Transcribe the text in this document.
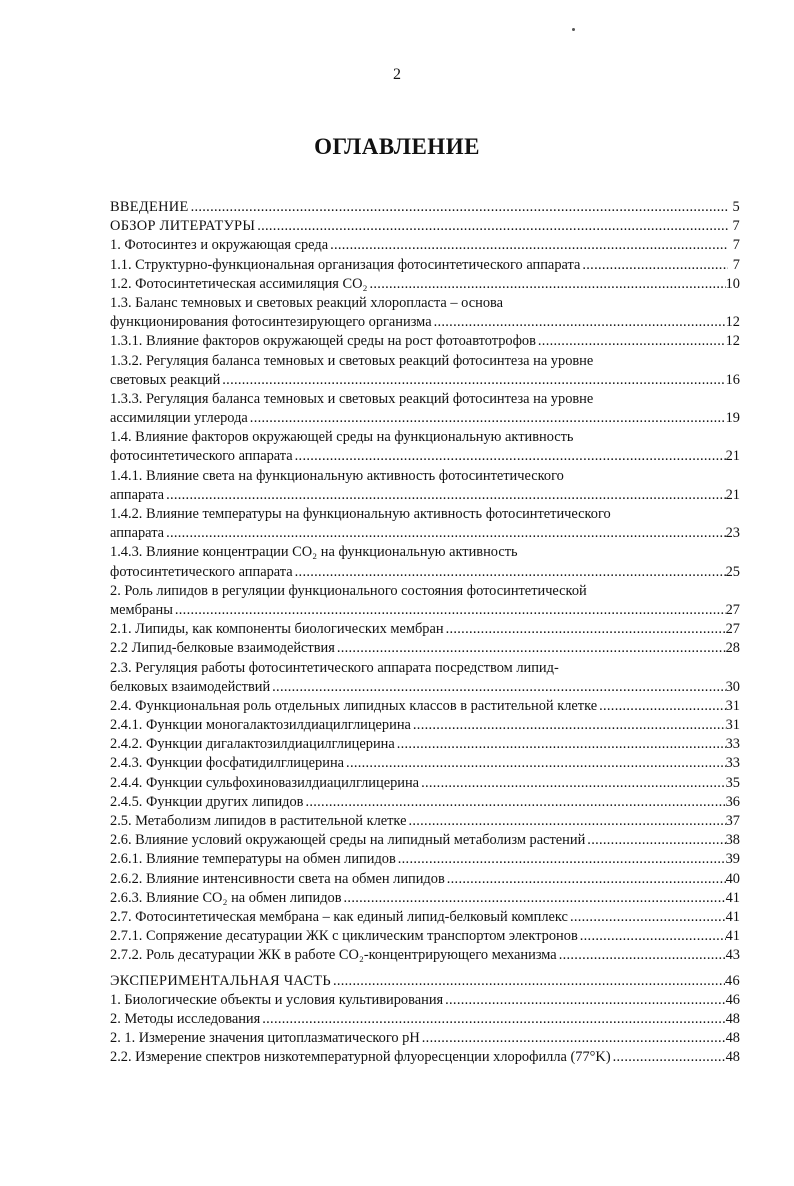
2
ОГЛАВЛЕНИЕ
ВВЕДЕНИЕ .....	5
ОБЗОР ЛИТЕРАТУРЫ .....	7
1. Фотосинтез и окружающая среда .....	7
1.1. Структурно-функциональная организация фотосинтетического аппарата .....	7
1.2. Фотосинтетическая ассимиляция CO₂ .....	10
1.3. Баланс темновых и световых реакций хлоропласта – основа
функционирования фотосинтезирующего организма .....	12
1.3.1. Влияние факторов окружающей среды на рост фотоавтотрофов .....	12
1.3.2. Регуляция баланса темновых и световых реакций фотосинтеза на уровне
световых реакций .....	16
1.3.3. Регуляция баланса темновых и световых реакций фотосинтеза на уровне
ассимиляции углерода .....	19
1.4. Влияние факторов окружающей среды на функциональную активность
фотосинтетического аппарата .....	21
1.4.1. Влияние света на функциональную активность фотосинтетического
аппарата .....	21
1.4.2. Влияние температуры на функциональную активность фотосинтетического
аппарата .....	23
1.4.3. Влияние концентрации CO₂ на функциональную активность
фотосинтетического аппарата .....	25
2. Роль липидов в регуляции функционального состояния фотосинтетической
мембраны .....	27
2.1. Липиды, как компоненты биологических мембран .....	27
2.2 Липид-белковые взаимодействия .....	28
2.3. Регуляция работы фотосинтетического аппарата посредством липид-
белковых взаимодействий .....	30
2.4. Функциональная роль отдельных липидных классов в растительной клетке .....	31
2.4.1. Функции моногалактозилдиацилглицерина .....	31
2.4.2. Функции дигалактозилдиацилглицерина .....	33
2.4.3. Функции фосфатидилглицерина .....	33
2.4.4. Функции сульфохиновазилдиацилглицерина .....	35
2.4.5. Функции других липидов .....	36
2.5. Метаболизм липидов в растительной клетке .....	37
2.6. Влияние условий окружающей среды на липидный метаболизм растений .....	38
2.6.1. Влияние температуры на обмен липидов .....	39
2.6.2. Влияние интенсивности света на обмен липидов .....	40
2.6.3. Влияние CO₂ на обмен липидов .....	41
2.7. Фотосинтетическая мембрана – как единый липид-белковый комплекс .....	41
2.7.1. Сопряжение десатурации ЖК с циклическим транспортом электронов .....	41
2.7.2. Роль десатурации ЖК в работе CO₂-концентрирующего механизма .....	43
ЭКСПЕРИМЕНТАЛЬНАЯ ЧАСТЬ .....	46
1. Биологические объекты и условия культивирования .....	46
2. Методы исследования .....	48
2. 1. Измерение значения цитоплазматического pH .....	48
2.2. Измерение спектров низкотемпературной флуоресценции хлорофилла (77°K) .....	48
